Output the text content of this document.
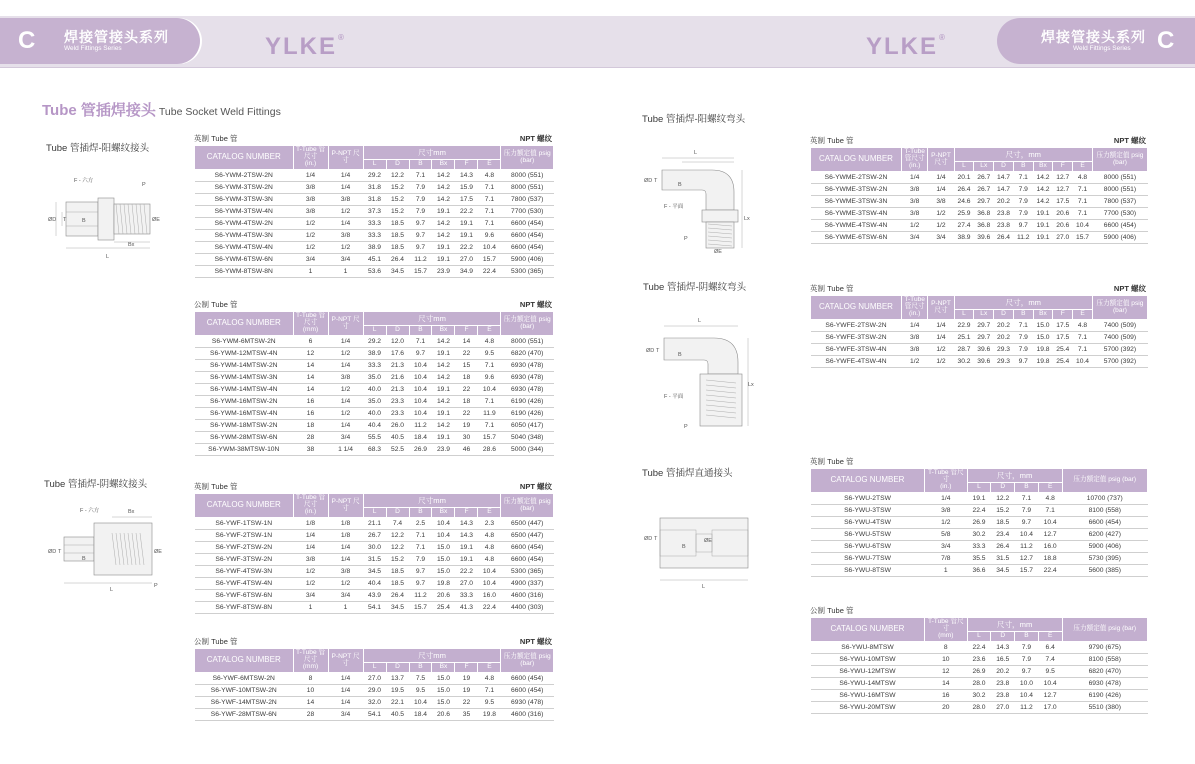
C 焊接管接头系列
Weld Fittings Series	YLKE®	YLKE®	焊接管接头系列
Weld Fittings Series C
Tube 管插焊接头 Tube Socket Weld Fittings
Tube 管插焊-阳螺纹接头
Tube 管插焊-阴螺纹接头
Tube 管插焊-阳螺纹弯头
Tube 管插焊-阴螺纹弯头
Tube 管插焊直通接头
F - 六方
P
ØD T	B
Bx
L
ØE
F - 六方	Bx
ØD T
B
L
ØE
P
L
ØD T
B
F - 平面
Lx
P
ØE
L
ØD T
B
F - 平面
Lx
P
ØD T
B
ØE
L
英制 Tube 管	NPT 螺纹
CATALOG NUMBER	T-Tube 管尺寸
(in.)	P-NPT 尺寸	尺寸mm						压力额定值 psig (bar)
			L	D	B	Bx	F	E	
S6-YWM-2TSW-2N	1/4	1/4	29.2	12.2	7.1	14.2	14.3	4.8	8000 (551)
S6-YWM-3TSW-2N	3/8	1/4	31.8	15.2	7.9	14.2	15.9	7.1	8000 (551)
S6-YWM-3TSW-3N	3/8	3/8	31.8	15.2	7.9	14.2	17.5	7.1	7800 (537)
S6-YWM-3TSW-4N	3/8	1/2	37.3	15.2	7.9	19.1	22.2	7.1	7700 (530)
S6-YWM-4TSW-2N	1/2	1/4	33.3	18.5	9.7	14.2	19.1	7.1	6600 (454)
S6-YWM-4TSW-3N	1/2	3/8	33.3	18.5	9.7	14.2	19.1	9.6	6600 (454)
S6-YWM-4TSW-4N	1/2	1/2	38.9	18.5	9.7	19.1	22.2	10.4	6600 (454)
S6-YWM-6TSW-6N	3/4	3/4	45.1	26.4	11.2	19.1	27.0	15.7	5900 (406)
S6-YWM-8TSW-8N	1	1	53.6	34.5	15.7	23.9	34.9	22.4	5300 (365)
公制 Tube 管	NPT 螺纹
CATALOG NUMBER	T-Tube 管尺寸
(mm)	P-NPT 尺寸	尺寸mm						压力额定值 psig (bar)
			L	D	B	Bx	F	E	
S6-YWM-6MTSW-2N	6	1/4	29.2	12.0	7.1	14.2	14	4.8	8000 (551)
S6-YWM-12MTSW-4N	12	1/2	38.9	17.6	9.7	19.1	22	9.5	6820 (470)
S6-YWM-14MTSW-2N	14	1/4	33.3	21.3	10.4	14.2	15	7.1	6930 (478)
S6-YWM-14MTSW-3N	14	3/8	35.0	21.6	10.4	14.2	18	9.6	6930 (478)
S6-YWM-14MTSW-4N	14	1/2	40.0	21.3	10.4	19.1	22	10.4	6930 (478)
S6-YWM-16MTSW-2N	16	1/4	35.0	23.3	10.4	14.2	18	7.1	6190 (426)
S6-YWM-16MTSW-4N	16	1/2	40.0	23.3	10.4	19.1	22	11.9	6190 (426)
S6-YWM-18MTSW-2N	18	1/4	40.4	26.0	11.2	14.2	19	7.1	6050 (417)
S6-YWM-28MTSW-6N	28	3/4	55.5	40.5	18.4	19.1	30	15.7	5040 (348)
S6-YWM-38MTSW-10N	38	1 1/4	68.3	52.5	26.9	23.9	46	28.6	5000 (344)
英制 Tube 管	NPT 螺纹
CATALOG NUMBER	T-Tube 管尺寸
(in.)	P-NPT 尺寸	尺寸mm						压力额定值 psig (bar)
			L	D	B	Bx	F	E	
S6-YWF-1TSW-1N	1/8	1/8	21.1	7.4	2.5	10.4	14.3	2.3	6500 (447)
S6-YWF-2TSW-1N	1/4	1/8	26.7	12.2	7.1	10.4	14.3	4.8	6500 (447)
S6-YWF-2TSW-2N	1/4	1/4	30.0	12.2	7.1	15.0	19.1	4.8	6600 (454)
S6-YWF-3TSW-2N	3/8	1/4	31.5	15.2	7.9	15.0	19.1	4.8	6600 (454)
S6-YWF-4TSW-3N	1/2	3/8	34.5	18.5	9.7	15.0	22.2	10.4	5300 (365)
S6-YWF-4TSW-4N	1/2	1/2	40.4	18.5	9.7	19.8	27.0	10.4	4900 (337)
S6-YWF-6TSW-6N	3/4	3/4	43.9	26.4	11.2	20.6	33.3	16.0	4600 (316)
S6-YWF-8TSW-8N	1	1	54.1	34.5	15.7	25.4	41.3	22.4	4400 (303)
公制 Tube 管	NPT 螺纹
CATALOG NUMBER	T-Tube 管尺寸
(mm)	P-NPT 尺寸	尺寸mm						压力额定值 psig (bar)
			L	D	B	Bx	F	E	
S6-YWF-6MTSW-2N	8	1/4	27.0	13.7	7.5	15.0	19	4.8	6600 (454)
S6-YWF-10MTSW-2N	10	1/4	29.0	19.5	9.5	15.0	19	7.1	6600 (454)
S6-YWF-14MTSW-2N	14	1/4	32.0	22.1	10.4	15.0	22	9.5	6930 (478)
S6-YWF-28MTSW-6N	28	3/4	54.1	40.5	18.4	20.6	35	19.8	4600 (316)
英制 Tube 管	NPT 螺纹
CATALOG NUMBER	T-Tube 管尺寸
(in.)	P-NPT 尺寸	尺寸，mm							压力额定值 psig (bar)
			L	Lx	D	B	Bx	F	E	
S6-YWME-2TSW-2N	1/4	1/4	20.1	26.7	14.7	7.1	14.2	12.7	4.8	8000 (551)
S6-YWME-3TSW-2N	3/8	1/4	26.4	26.7	14.7	7.9	14.2	12.7	7.1	8000 (551)
S6-YWME-3TSW-3N	3/8	3/8	24.6	29.7	20.2	7.9	14.2	17.5	7.1	7800 (537)
S6-YWME-3TSW-4N	3/8	1/2	25.9	36.8	23.8	7.9	19.1	20.6	7.1	7700 (530)
S6-YWME-4TSW-4N	1/2	1/2	27.4	36.8	23.8	9.7	19.1	20.6	10.4	6600 (454)
S6-YWME-6TSW-6N	3/4	3/4	38.9	39.6	26.4	11.2	19.1	27.0	15.7	5900 (406)
英制 Tube 管	NPT 螺纹
CATALOG NUMBER	T-Tube 管尺寸
(in.)	P-NPT 尺寸	尺寸，mm							压力额定值 psig (bar)
			L	Lx	D	B	Bx	F	E	
S6-YWFE-2TSW-2N	1/4	1/4	22.9	29.7	20.2	7.1	15.0	17.5	4.8	7400 (509)
S6-YWFE-3TSW-2N	3/8	1/4	25.1	29.7	20.2	7.9	15.0	17.5	7.1	7400 (509)
S6-YWFE-3TSW-4N	3/8	1/2	28.7	39.6	29.3	7.9	19.8	25.4	7.1	5700 (392)
S6-YWFE-4TSW-4N	1/2	1/2	30.2	39.6	29.3	9.7	19.8	25.4	10.4	5700 (392)
英制 Tube 管
CATALOG NUMBER	T-Tube 管尺寸
(in.)	尺寸，mm				压力额定值 psig (bar)
		L	D	B	E	
S6-YWU-2TSW	1/4	19.1	12.2	7.1	4.8	10700 (737)
S6-YWU-3TSW	3/8	22.4	15.2	7.9	7.1	8100 (558)
S6-YWU-4TSW	1/2	26.9	18.5	9.7	10.4	6600 (454)
S6-YWU-5TSW	5/8	30.2	23.4	10.4	12.7	6200 (427)
S6-YWU-6TSW	3/4	33.3	26.4	11.2	16.0	5900 (406)
S6-YWU-7TSW	7/8	35.5	31.5	12.7	18.8	5730 (395)
S6-YWU-8TSW	1	36.6	34.5	15.7	22.4	5600 (385)
公制 Tube 管
CATALOG NUMBER	T-Tube 管尺寸
(mm)	尺寸，mm				压力额定值 psig (bar)
		L	D	B	E	
S6-YWU-8MTSW	8	22.4	14.3	7.9	6.4	9790 (675)
S6-YWU-10MTSW	10	23.6	16.5	7.9	7.4	8100 (558)
S6-YWU-12MTSW	12	26.9	20.2	9.7	9.5	6820 (470)
S6-YWU-14MTSW	14	28.0	23.8	10.0	10.4	6930 (478)
S6-YWU-16MTSW	16	30.2	23.8	10.4	12.7	6190 (426)
S6-YWU-20MTSW	20	28.0	27.0	11.2	17.0	5510 (380)
